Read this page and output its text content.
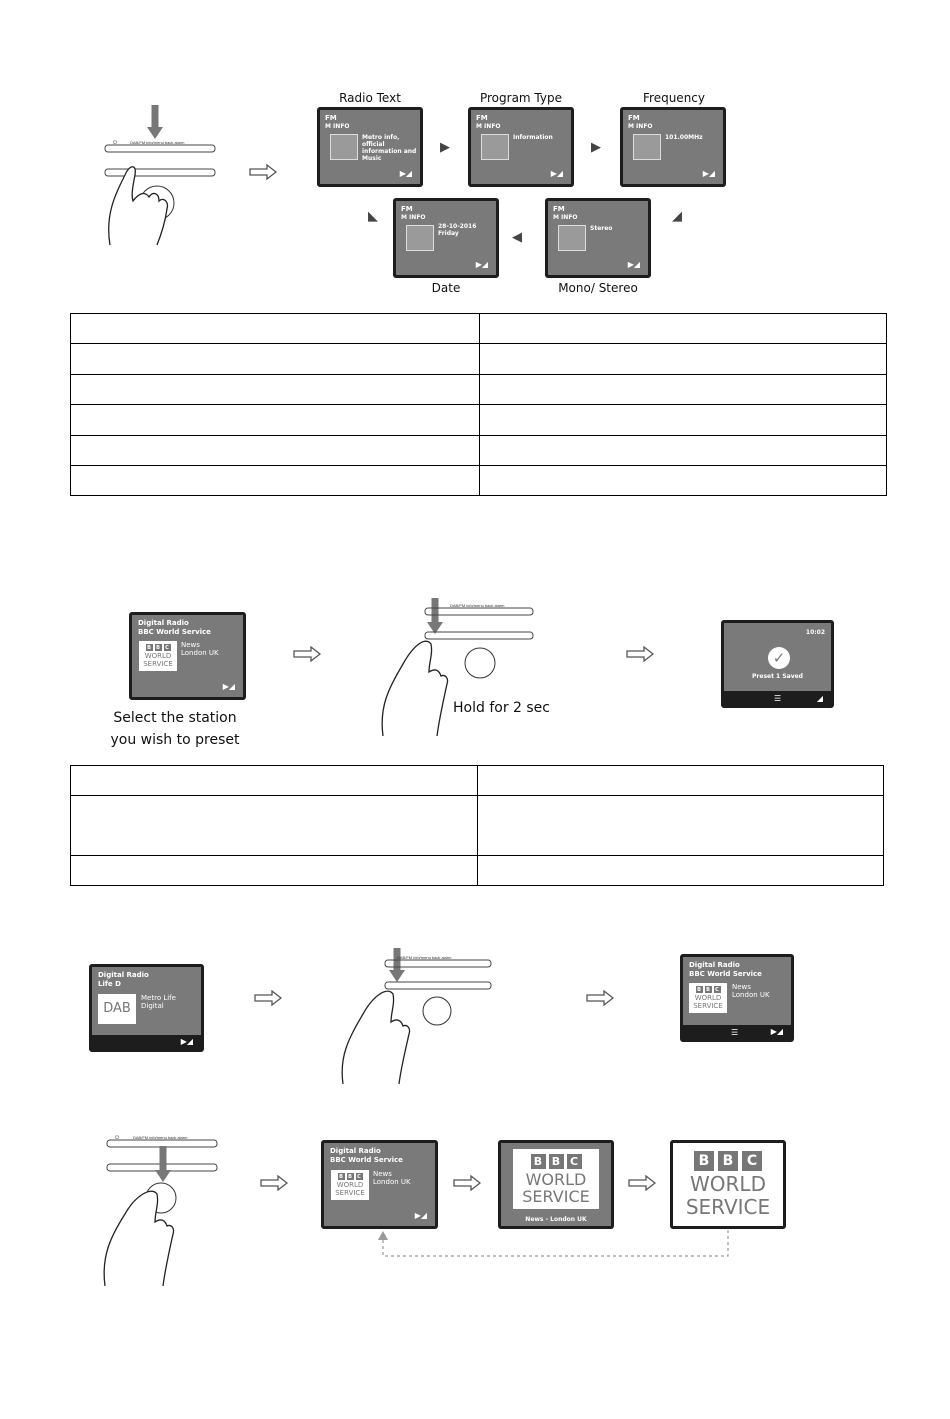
⏻	DAB/FM info/menu back alarm
Radio Text	Program Type	Frequency
FM
M INFO
Metro info, official information and Music
▶◢
FM
M INFO
Information
▶◢
FM
M INFO
101.00MHz
▶◢
▶	▶
◢
◀
◣	FM
M INFO
28-10-2016
Friday
▶◢
FM
M INFO
Stereo
▶◢
Date	Mono/ Stereo

Digital Radio
BBC World Service
B	B	C
WORLD
SERVICE
News
London UK
▶◢
Select the station
you wish to preset
DAB/FM info/menu back alarm
Hold for 2 sec
10:02
✓
Preset 1 Saved
☰	◢

Digital Radio
Life D
DAB
Metro Life
Digital
▶◢
DAB/FM info/menu back alarm
Digital Radio
BBC World Service
B	B	C
WORLD
SERVICE
News
London UK
☰	▶◢
⏻	DAB/FM info/menu back alarm
Digital Radio
BBC World Service
B	B	C
WORLD
SERVICE
News
London UK
▶◢
B B C
WORLD
SERVICE
News - London UK
B B C
WORLD
SERVICE
